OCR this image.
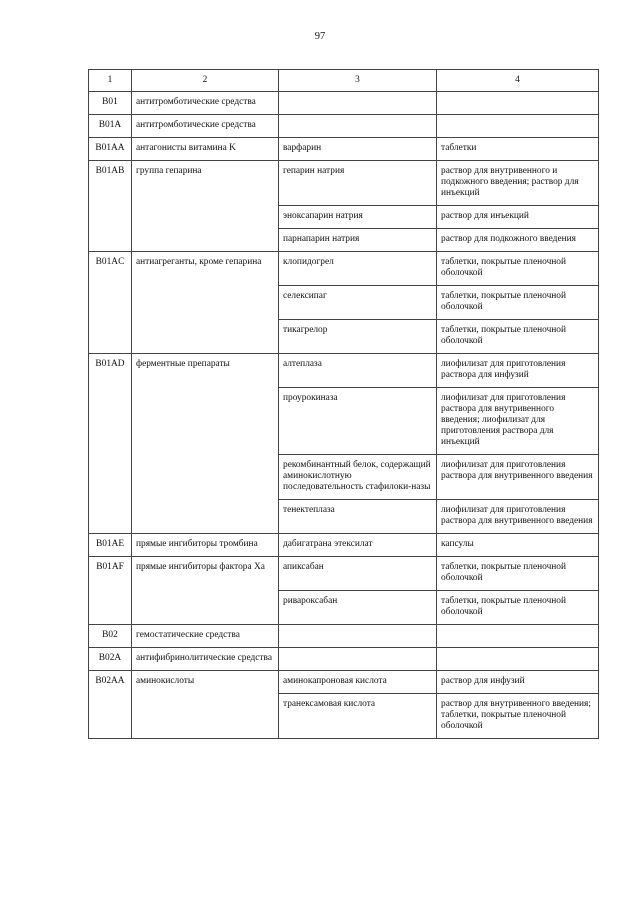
97
1	2	3	4
B01	антитромботические средства		
B01A	антитромботические средства		
B01AA	антагонисты витамина K	варфарин	таблетки
B01AB	группа гепарина	гепарин натрия	раствор для внутривенного и подкожного введения; раствор для инъекций
		эноксапарин натрия	раствор для инъекций
		парнапарин натрия	раствор для подкожного введения
B01AC	антиагреганты, кроме гепарина	клопидогрел	таблетки, покрытые пленочной оболочкой
		селексипаг	таблетки, покрытые пленочной оболочкой
		тикагрелор	таблетки, покрытые пленочной оболочкой
B01AD	ферментные препараты	алтеплаза	лиофилизат для приготовления раствора для инфузий
		проурокиназа	лиофилизат для приготовления раствора для внутривенного введения; лиофилизат для приготовления раствора для инъекций
		рекомбинантный белок, содержащий аминокислотную последовательность стафилоки-назы	лиофилизат для приготовления раствора для внутривенного введения
		тенектеплаза	лиофилизат для приготовления раствора для внутривенного введения
B01AE	прямые ингибиторы тромбина	дабигатрана этексилат	капсулы
B01AF	прямые ингибиторы фактора Xa	апиксабан	таблетки, покрытые пленочной оболочкой
		ривароксабан	таблетки, покрытые пленочной оболочкой
B02	гемостатические средства		
B02A	антифибринолитические средства		
B02AA	аминокислоты	аминокапроновая кислота	раствор для инфузий
		транексамовая кислота	раствор для внутривенного введения;
таблетки, покрытые пленочной оболочкой
